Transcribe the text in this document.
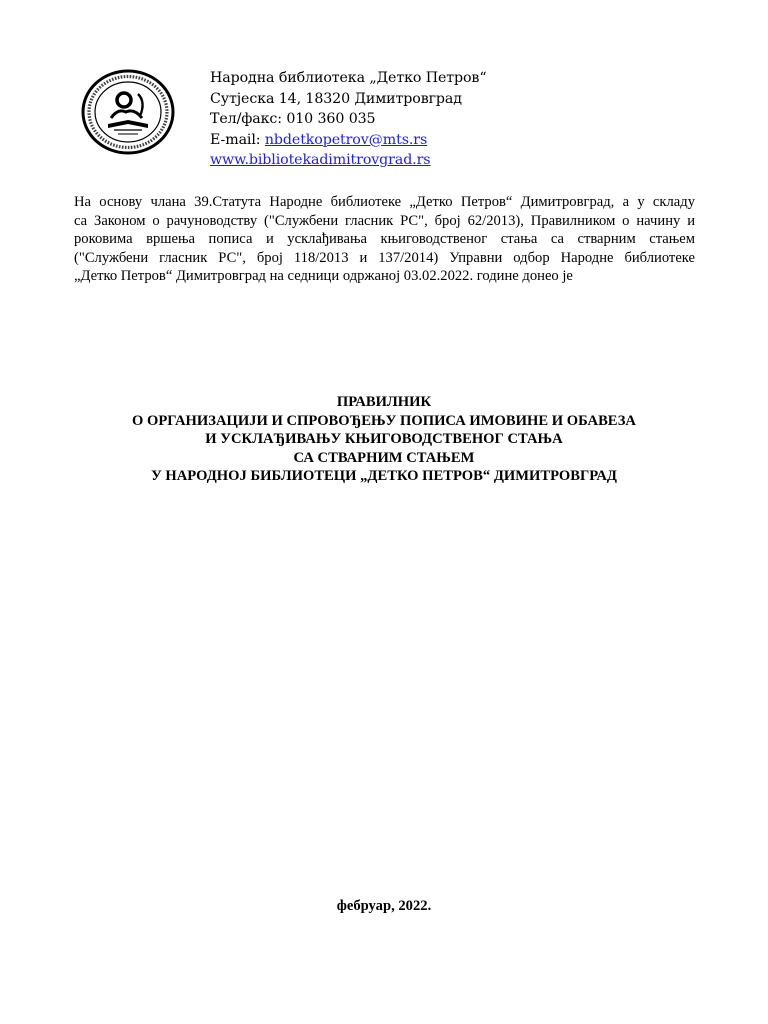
Народна библиотека „Детко Петров“
Сутјеска 14, 18320 Димитровград
Тел/факс: 010 360 035
E-mail: nbdetkopetrov@mts.rs
www.bibliotekadimitrovgrad.rs
На основу члана 39.Статута Народне библиотеке „Детко Петров“ Димитровград, а у складу
са Законом о рачуноводству ("Службени гласник РС", број 62/2013), Правилником о начину и
роковима вршења пописа и усклађивања књиговодственог стања са стварним стањем
("Службени гласник РС", број 118/2013 и 137/2014) Управни одбор Народне библиотеке
„Детко Петров“ Димитровград на седници одржаној 03.02.2022. године донео је
ПРАВИЛНИК
О ОРГАНИЗАЦИЈИ И СПРОВОЂЕЊУ ПОПИСА ИМОВИНЕ И ОБАВЕЗА
И УСКЛАЂИВАЊУ КЊИГОВОДСТВЕНОГ СТАЊА
СА СТВАРНИМ СТАЊЕМ
У НАРОДНОЈ БИБЛИОТЕЦИ „ДЕТКО ПЕТРОВ“ ДИМИТРОВГРАД
фебруар, 2022.
